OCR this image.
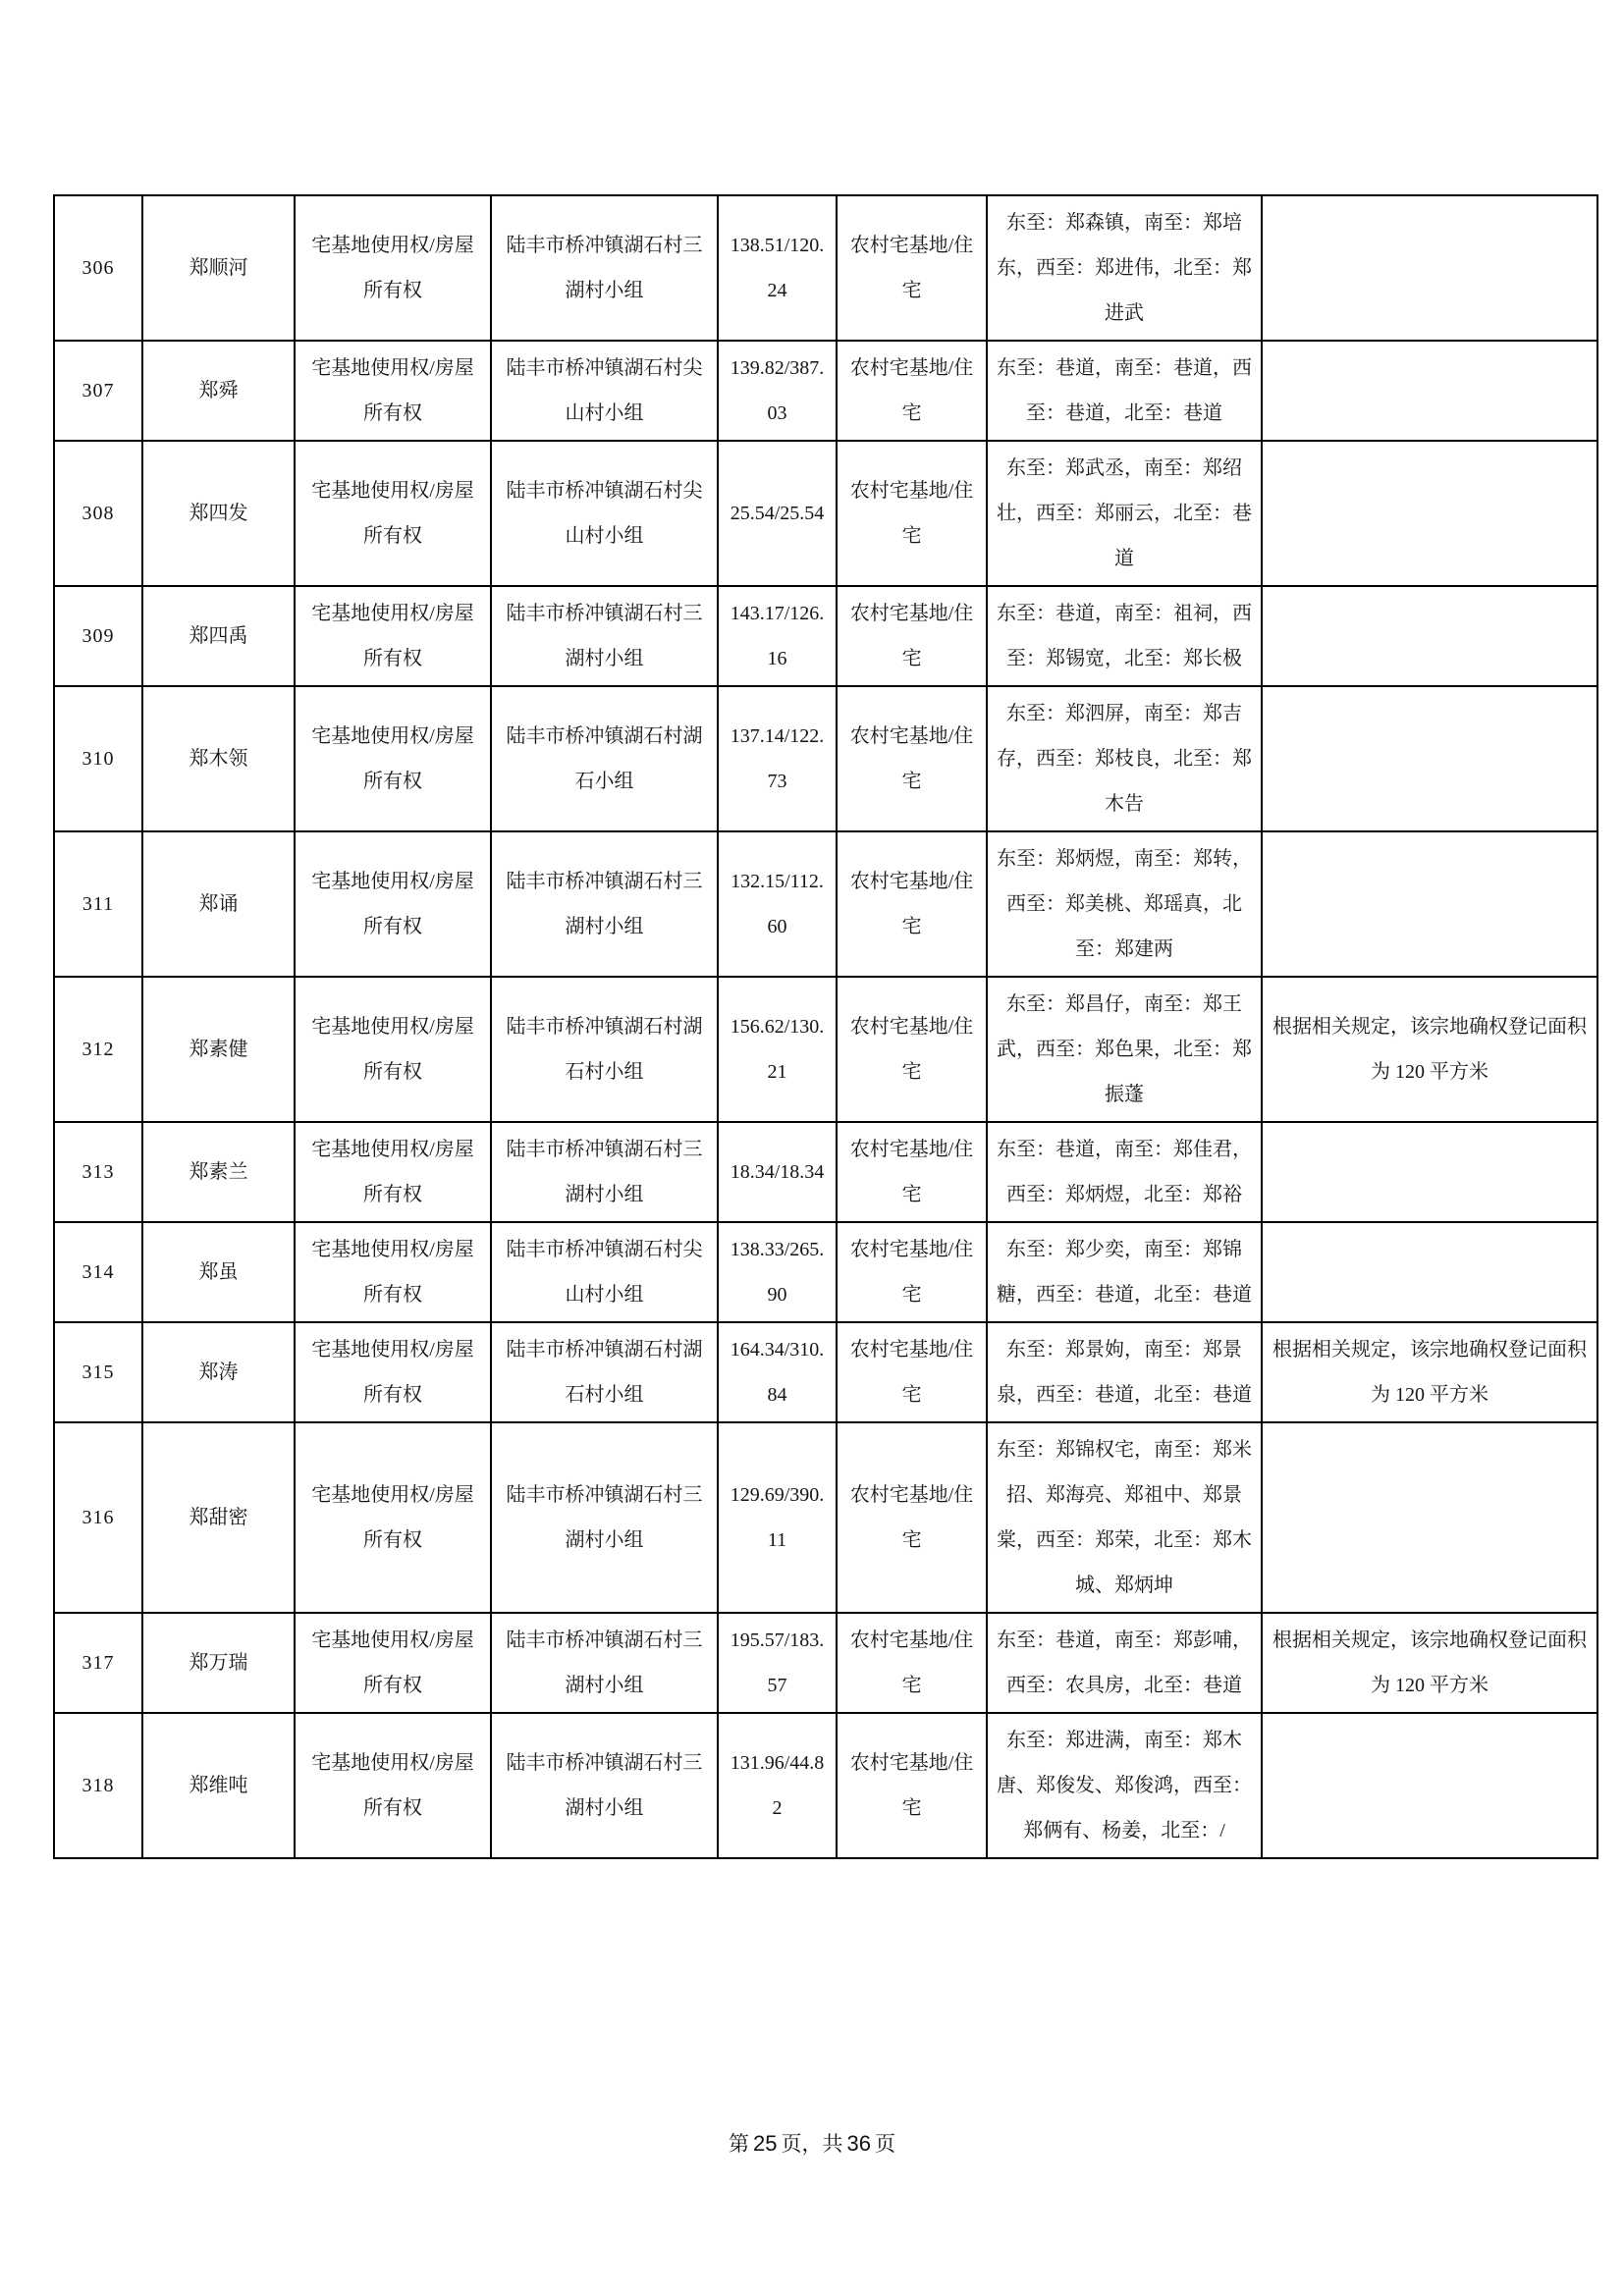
306	郑顺河	宅基地使用权/房屋所有权	陆丰市桥冲镇湖石村三湖村小组	138.51/120.24	农村宅基地/住宅	东至：郑森镇，南至：郑培东，西至：郑进伟，北至：郑进武	
307	郑舜	宅基地使用权/房屋所有权	陆丰市桥冲镇湖石村尖山村小组	139.82/387.03	农村宅基地/住宅	东至：巷道，南至：巷道，西至：巷道，北至：巷道	
308	郑四发	宅基地使用权/房屋所有权	陆丰市桥冲镇湖石村尖山村小组	25.54/25.54	农村宅基地/住宅	东至：郑武丞，南至：郑绍壮，西至：郑丽云，北至：巷道	
309	郑四禹	宅基地使用权/房屋所有权	陆丰市桥冲镇湖石村三湖村小组	143.17/126.16	农村宅基地/住宅	东至：巷道，南至：祖祠，西至：郑锡宽，北至：郑长极	
310	郑木领	宅基地使用权/房屋所有权	陆丰市桥冲镇湖石村湖石小组	137.14/122.73	农村宅基地/住宅	东至：郑泗屏，南至：郑吉存，西至：郑枝良，北至：郑木告	
311	郑诵	宅基地使用权/房屋所有权	陆丰市桥冲镇湖石村三湖村小组	132.15/112.60	农村宅基地/住宅	东至：郑炳煜，南至：郑转，西至：郑美桃、郑瑶真，北至：郑建两	
312	郑素健	宅基地使用权/房屋所有权	陆丰市桥冲镇湖石村湖石村小组	156.62/130.21	农村宅基地/住宅	东至：郑昌仔，南至：郑王武，西至：郑色果，北至：郑振蓬	根据相关规定，该宗地确权登记面积为 120 平方米
313	郑素兰	宅基地使用权/房屋所有权	陆丰市桥冲镇湖石村三湖村小组	18.34/18.34	农村宅基地/住宅	东至：巷道，南至：郑佳君，西至：郑炳煜，北至：郑裕	
314	郑虽	宅基地使用权/房屋所有权	陆丰市桥冲镇湖石村尖山村小组	138.33/265.90	农村宅基地/住宅	东至：郑少奕，南至：郑锦糖，西至：巷道，北至：巷道	
315	郑涛	宅基地使用权/房屋所有权	陆丰市桥冲镇湖石村湖石村小组	164.34/310.84	农村宅基地/住宅	东至：郑景姁，南至：郑景泉，西至：巷道，北至：巷道	根据相关规定，该宗地确权登记面积为 120 平方米
316	郑甜密	宅基地使用权/房屋所有权	陆丰市桥冲镇湖石村三湖村小组	129.69/390.11	农村宅基地/住宅	东至：郑锦权宅，南至：郑米招、郑海亮、郑祖中、郑景棠，西至：郑荣，北至：郑木城、郑炳坤	
317	郑万瑞	宅基地使用权/房屋所有权	陆丰市桥冲镇湖石村三湖村小组	195.57/183.57	农村宅基地/住宅	东至：巷道，南至：郑彭哺，西至：农具房，北至：巷道	根据相关规定，该宗地确权登记面积为 120 平方米
318	郑维吨	宅基地使用权/房屋所有权	陆丰市桥冲镇湖石村三湖村小组	131.96/44.82	农村宅基地/住宅	东至：郑进满，南至：郑木唐、郑俊发、郑俊鸿，西至：郑俩有、杨姜，北至：/	
第 25 页，共 36 页
